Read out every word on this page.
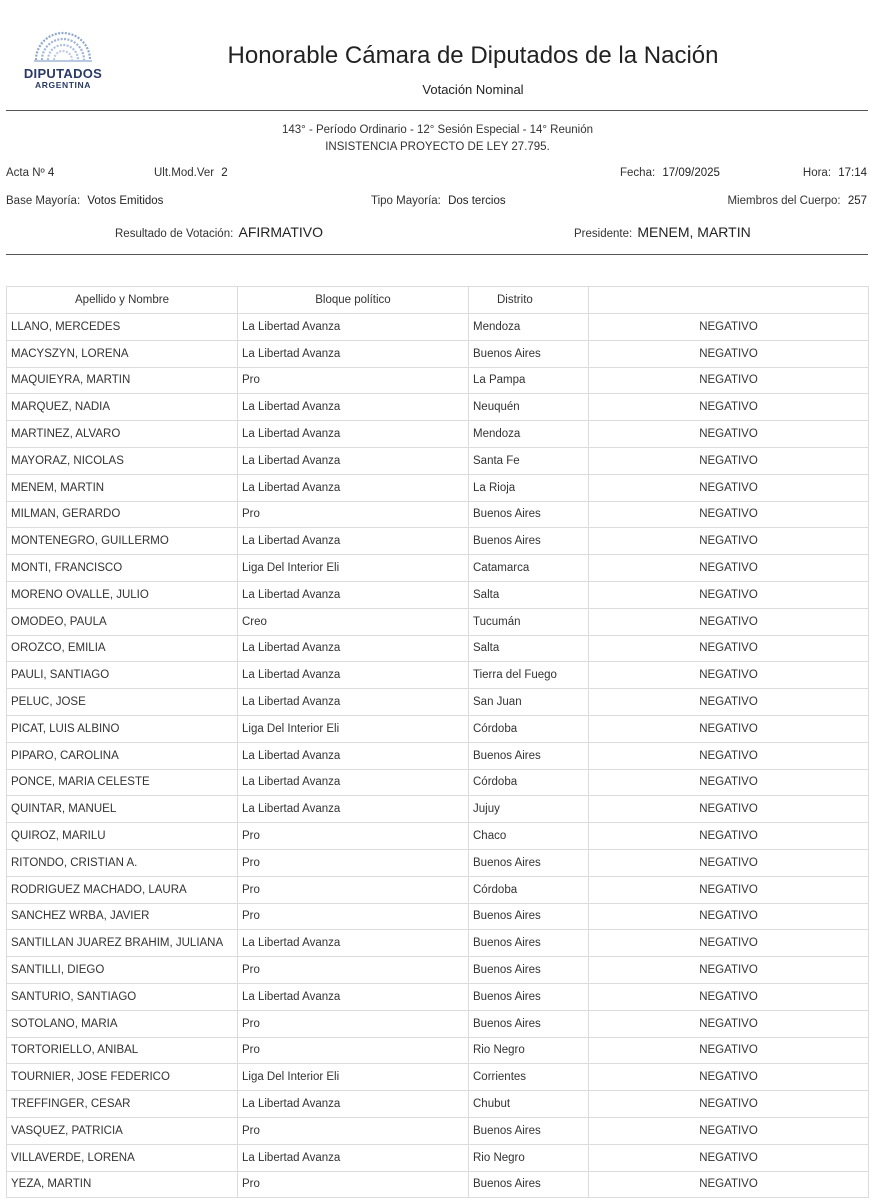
DIPUTADOS
ARGENTINA
Honorable Cámara de Diputados de la Nación
Votación Nominal
143° - Período Ordinario - 12° Sesión Especial - 14° Reunión
INSISTENCIA PROYECTO DE LEY 27.795.
Acta Nº 4	Ult.Mod.Ver 2	Fecha: 17/09/2025	Hora: 17:14
Base Mayoría: Votos Emitidos	Tipo Mayoría: Dos tercios	Miembros del Cuerpo: 257
Resultado de Votación: AFIRMATIVO	Presidente: MENEM, MARTIN
Apellido y Nombre	Bloque político	Distrito	
LLANO, MERCEDES	La Libertad Avanza	Mendoza	NEGATIVO
MACYSZYN, LORENA	La Libertad Avanza	Buenos Aires	NEGATIVO
MAQUIEYRA, MARTIN	Pro	La Pampa	NEGATIVO
MARQUEZ, NADIA	La Libertad Avanza	Neuquén	NEGATIVO
MARTINEZ, ALVARO	La Libertad Avanza	Mendoza	NEGATIVO
MAYORAZ, NICOLAS	La Libertad Avanza	Santa Fe	NEGATIVO
MENEM, MARTIN	La Libertad Avanza	La Rioja	NEGATIVO
MILMAN, GERARDO	Pro	Buenos Aires	NEGATIVO
MONTENEGRO, GUILLERMO	La Libertad Avanza	Buenos Aires	NEGATIVO
MONTI, FRANCISCO	Liga Del Interior Eli	Catamarca	NEGATIVO
MORENO OVALLE, JULIO	La Libertad Avanza	Salta	NEGATIVO
OMODEO, PAULA	Creo	Tucumán	NEGATIVO
OROZCO, EMILIA	La Libertad Avanza	Salta	NEGATIVO
PAULI, SANTIAGO	La Libertad Avanza	Tierra del Fuego	NEGATIVO
PELUC, JOSE	La Libertad Avanza	San Juan	NEGATIVO
PICAT, LUIS ALBINO	Liga Del Interior Eli	Córdoba	NEGATIVO
PIPARO, CAROLINA	La Libertad Avanza	Buenos Aires	NEGATIVO
PONCE, MARIA CELESTE	La Libertad Avanza	Córdoba	NEGATIVO
QUINTAR, MANUEL	La Libertad Avanza	Jujuy	NEGATIVO
QUIROZ, MARILU	Pro	Chaco	NEGATIVO
RITONDO, CRISTIAN A.	Pro	Buenos Aires	NEGATIVO
RODRIGUEZ MACHADO, LAURA	Pro	Córdoba	NEGATIVO
SANCHEZ WRBA, JAVIER	Pro	Buenos Aires	NEGATIVO
SANTILLAN JUAREZ BRAHIM, JULIANA	La Libertad Avanza	Buenos Aires	NEGATIVO
SANTILLI, DIEGO	Pro	Buenos Aires	NEGATIVO
SANTURIO, SANTIAGO	La Libertad Avanza	Buenos Aires	NEGATIVO
SOTOLANO, MARIA	Pro	Buenos Aires	NEGATIVO
TORTORIELLO, ANIBAL	Pro	Rio Negro	NEGATIVO
TOURNIER, JOSE FEDERICO	Liga Del Interior Eli	Corrientes	NEGATIVO
TREFFINGER, CESAR	La Libertad Avanza	Chubut	NEGATIVO
VASQUEZ, PATRICIA	Pro	Buenos Aires	NEGATIVO
VILLAVERDE, LORENA	La Libertad Avanza	Rio Negro	NEGATIVO
YEZA, MARTIN	Pro	Buenos Aires	NEGATIVO
